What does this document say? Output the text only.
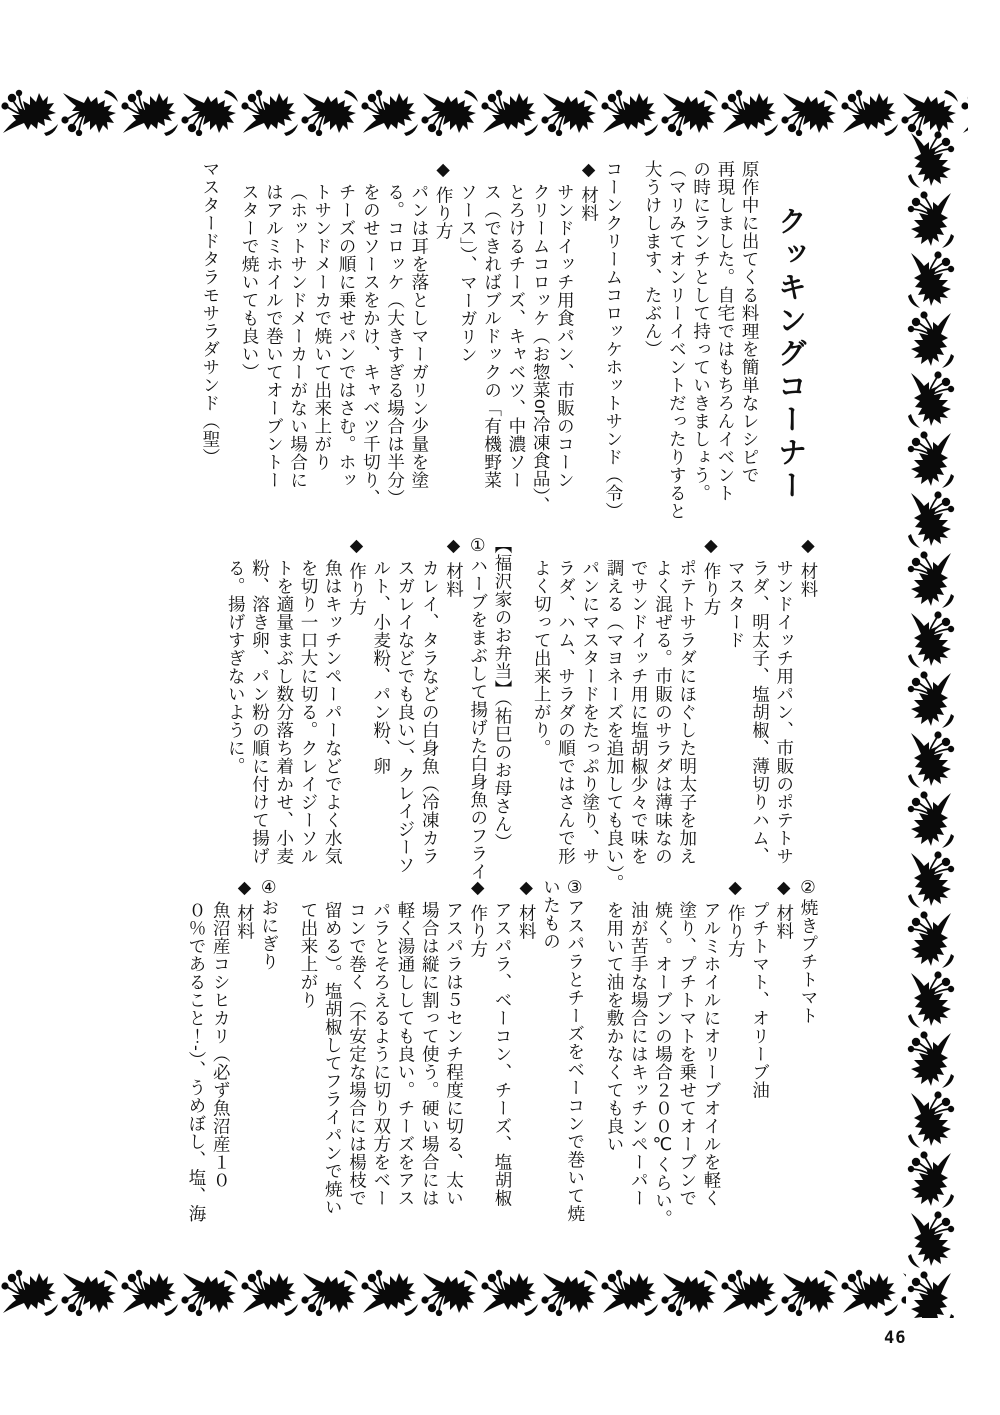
クッキングコーナー

原作中に出てくる料理を簡単なレシピで

再現しました。自宅ではもちろんイベント

の時にランチとして持っていきましょう。

（マリみてオンリーイベントだったりすると

大うけします、たぶん）

コーンクリームコロッケホットサンド（令）

◆ 材料

サンドイッチ用食パン、市販のコーン

クリームコロッケ（お惣菜or冷凍食品）、

とろけるチーズ、キャベツ、中濃ソー

ス（できればブルドックの「有機野菜

ソース」）、マーガリン

◆ 作り方

パンは耳を落としマーガリン少量を塗

る。コロッケ（大きすぎる場合は半分）

をのせソースをかけ、キャベツ千切り、

チーズの順に乗せパンではさむ。ホッ

トサンドメーカで焼いて出来上がり

（ホットサンドメーカーがない場合に

はアルミホイルで巻いてオーブントー

スターで焼いても良い）

マスタードタラモサラダサンド（聖）

◆ 材料

サンドイッチ用パン、市販のポテトサ

ラダ、明太子、塩胡椒、薄切りハム、

マスタード

◆ 作り方

ポテトサラダにほぐした明太子を加え

よく混ぜる。市販のサラダは薄味なの

でサンドイッチ用に塩胡椒少々で味を

調える（マヨネーズを追加しても良い）。

パンにマスタードをたっぷり塗り、サ

ラダ、ハム、サラダの順ではさんで形

よく切って出来上がり。

【福沢家のお弁当】（祐巳のお母さん）

①ハーブをまぶして揚げた白身魚のフライ

◆ 材料

カレイ、タラなどの白身魚（冷凍カラ

スガレイなどでも良い）、クレイジーソ

ルト、小麦粉、パン粉、卵

◆ 作り方

魚はキッチンペーパーなどでよく水気

を切り一口大に切る。クレイジーソル

トを適量まぶし数分落ち着かせ、小麦

粉、溶き卵、パン粉の順に付けて揚げ

る。揚げすぎないように。

②焼きプチトマト

◆ 材料

プチトマト、オリーブ油

◆ 作り方

アルミホイルにオリーブオイルを軽く

塗り、プチトマトを乗せてオーブンで

焼く。オーブンの場合２００℃くらい。

油が苦手な場合にはキッチンペーパー

を用いて油を敷かなくても良い

③アスパラとチーズをベーコンで巻いて焼

いたもの

◆ 材料

アスパラ、ベーコン、チーズ、塩胡椒

◆ 作り方

アスパラは５センチ程度に切る、太い

場合は縦に割って使う。硬い場合には

軽く湯通ししても良い。チーズをアス

パラとそろえるように切り双方をベー

コンで巻く（不安定な場合には楊枝で

留める）。塩胡椒してフライパンで焼い

て出来上がり

④おにぎり

◆ 材料

魚沼産コシヒカリ（必ず魚沼産１０

０％であること！-）、うめぼし、塩、海

46
